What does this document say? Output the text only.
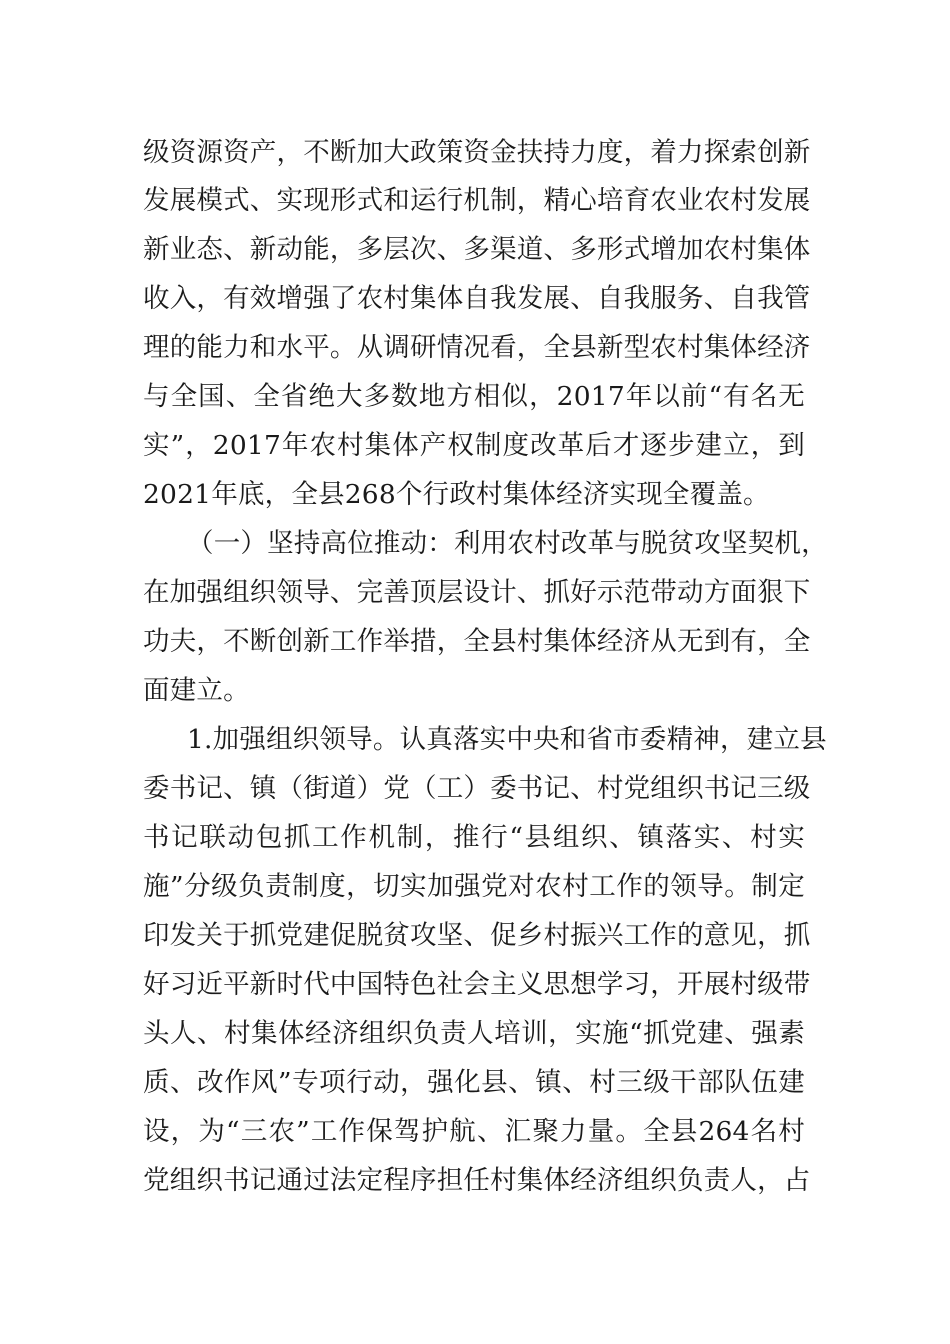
级资源资产，不断加大政策资金扶持力度，着力探索创新
发展模式、实现形式和运行机制，精心培育农业农村发展
新业态、新动能，多层次、多渠道、多形式增加农村集体
收入，有效增强了农村集体自我发展、自我服务、自我管
理的能力和水平。从调研情况看，全县新型农村集体经济
与全国、全省绝大多数地方相似，2017年以前“有名无
实”，2017年农村集体产权制度改革后才逐步建立，到
2021年底，全县268个行政村集体经济实现全覆盖。
（一）坚持高位推动：利用农村改革与脱贫攻坚契机，
在加强组织领导、完善顶层设计、抓好示范带动方面狠下
功夫，不断创新工作举措，全县村集体经济从无到有，全
面建立。
1.加强组织领导。认真落实中央和省市委精神，建立县
委书记、镇（街道）党（工）委书记、村党组织书记三级
书记联动包抓工作机制，推行“县组织、镇落实、村实
施”分级负责制度，切实加强党对农村工作的领导。制定
印发关于抓党建促脱贫攻坚、促乡村振兴工作的意见，抓
好习近平新时代中国特色社会主义思想学习，开展村级带
头人、村集体经济组织负责人培训，实施“抓党建、强素
质、改作风”专项行动，强化县、镇、村三级干部队伍建
设，为“三农”工作保驾护航、汇聚力量。全县264名村
党组织书记通过法定程序担任村集体经济组织负责人，占
